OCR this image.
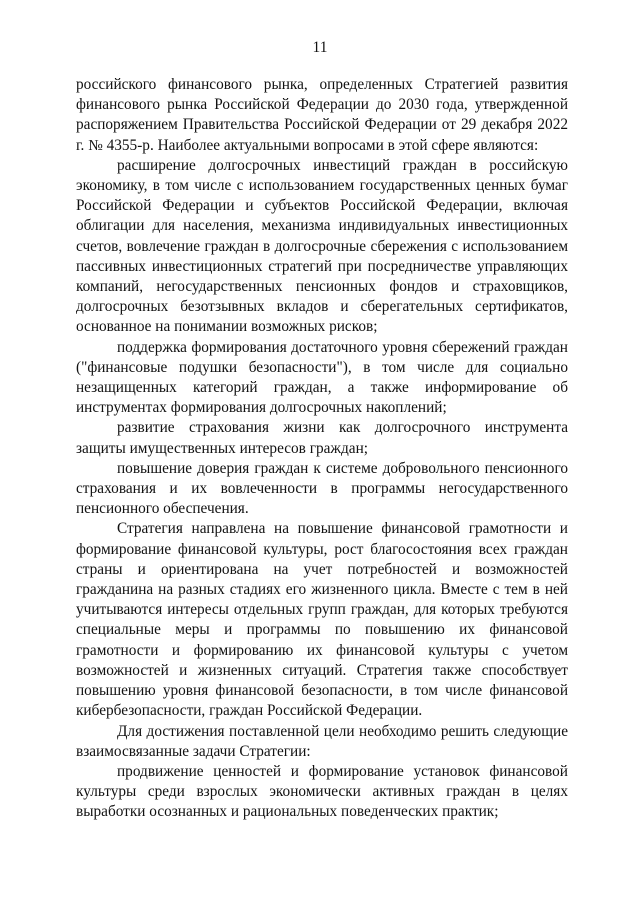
11

российского финансового рынка, определенных Стратегией развития финансового рынка Российской Федерации до 2030 года, утвержденной распоряжением Правительства Российской Федерации от 29 декабря 2022 г. № 4355-р. Наиболее актуальными вопросами в этой сфере являются:

расширение долгосрочных инвестиций граждан в российскую экономику, в том числе с использованием государственных ценных бумаг Российской Федерации и субъектов Российской Федерации, включая облигации для населения, механизма индивидуальных инвестиционных счетов, вовлечение граждан в долгосрочные сбережения с использованием пассивных инвестиционных стратегий при посредничестве управляющих компаний, негосударственных пенсионных фондов и страховщиков, долгосрочных безотзывных вкладов и сберегательных сертификатов, основанное на понимании возможных рисков;

поддержка формирования достаточного уровня сбережений граждан ("финансовые подушки безопасности"), в том числе для социально незащищенных категорий граждан, а также информирование об инструментах формирования долгосрочных накоплений;

развитие страхования жизни как долгосрочного инструмента защиты имущественных интересов граждан;

повышение доверия граждан к системе добровольного пенсионного страхования и их вовлеченности в программы негосударственного пенсионного обеспечения.

Стратегия направлена на повышение финансовой грамотности и формирование финансовой культуры, рост благосостояния всех граждан страны и ориентирована на учет потребностей и возможностей гражданина на разных стадиях его жизненного цикла. Вместе с тем в ней учитываются интересы отдельных групп граждан, для которых требуются специальные меры и программы по повышению их финансовой грамотности и формированию их финансовой культуры с учетом возможностей и жизненных ситуаций. Стратегия также способствует повышению уровня финансовой безопасности, в том числе финансовой кибербезопасности, граждан Российской Федерации.

Для достижения поставленной цели необходимо решить следующие взаимосвязанные задачи Стратегии:

продвижение ценностей и формирование установок финансовой культуры среди взрослых экономически активных граждан в целях выработки осознанных и рациональных поведенческих практик;
